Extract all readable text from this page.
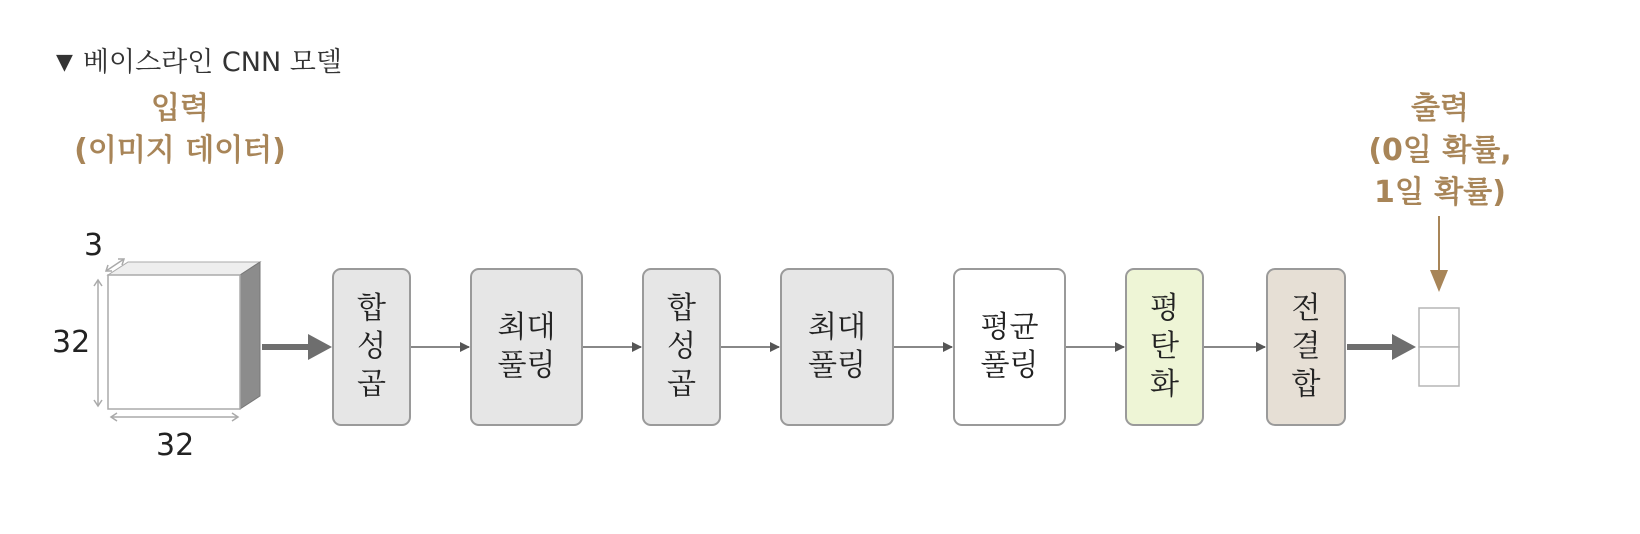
▼ 베이스라인 CNN 모델
입력
(이미지 데이터)
출력
(0일 확률,
1일 확률)
3
32
32
합
성
곱
최대
풀링
합
성
곱
최대
풀링
평균
풀링
평
탄
화
전
결
합
